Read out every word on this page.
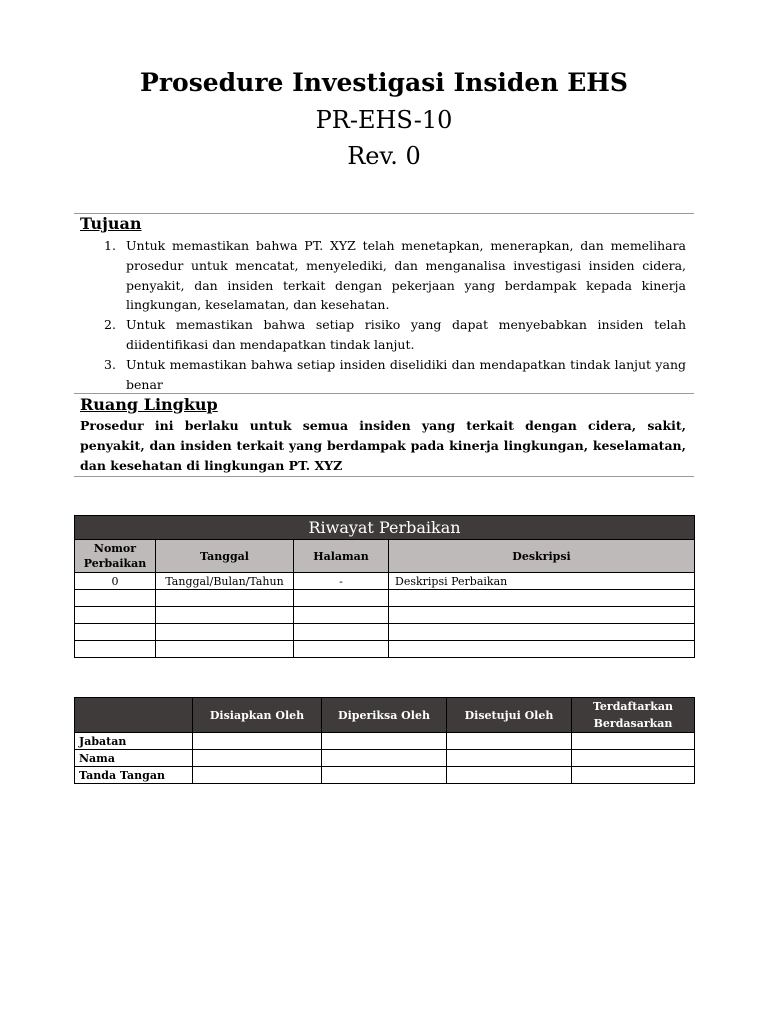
Prosedure Investigasi Insiden EHS
PR-EHS-10
Rev. 0
Tujuan
1. Untuk memastikan bahwa PT. XYZ telah menetapkan, menerapkan, dan memelihara prosedur untuk mencatat, menyelediki, dan menganalisa investigasi insiden cidera, penyakit, dan insiden terkait dengan pekerjaan yang berdampak kepada kinerja lingkungan, keselamatan, dan kesehatan.
2. Untuk memastikan bahwa setiap risiko yang dapat menyebabkan insiden telah diidentifikasi dan mendapatkan tindak lanjut.
3. Untuk memastikan bahwa setiap insiden diselidiki dan mendapatkan tindak lanjut yang benar
Ruang Lingkup
Prosedur ini berlaku untuk semua insiden yang terkait dengan cidera, sakit, penyakit, dan insiden terkait yang berdampak pada kinerja lingkungan, keselamatan, dan kesehatan di lingkungan PT. XYZ
Riwayat Perbaikan			
Nomor Perbaikan	Tanggal	Halaman	Deskripsi
0	Tanggal/Bulan/Tahun	-	Deskripsi Perbaikan

	Disiapkan Oleh	Diperiksa Oleh	Disetujui Oleh	Terdaftarkan Berdasarkan
Jabatan				
Nama				
Tanda Tangan				
